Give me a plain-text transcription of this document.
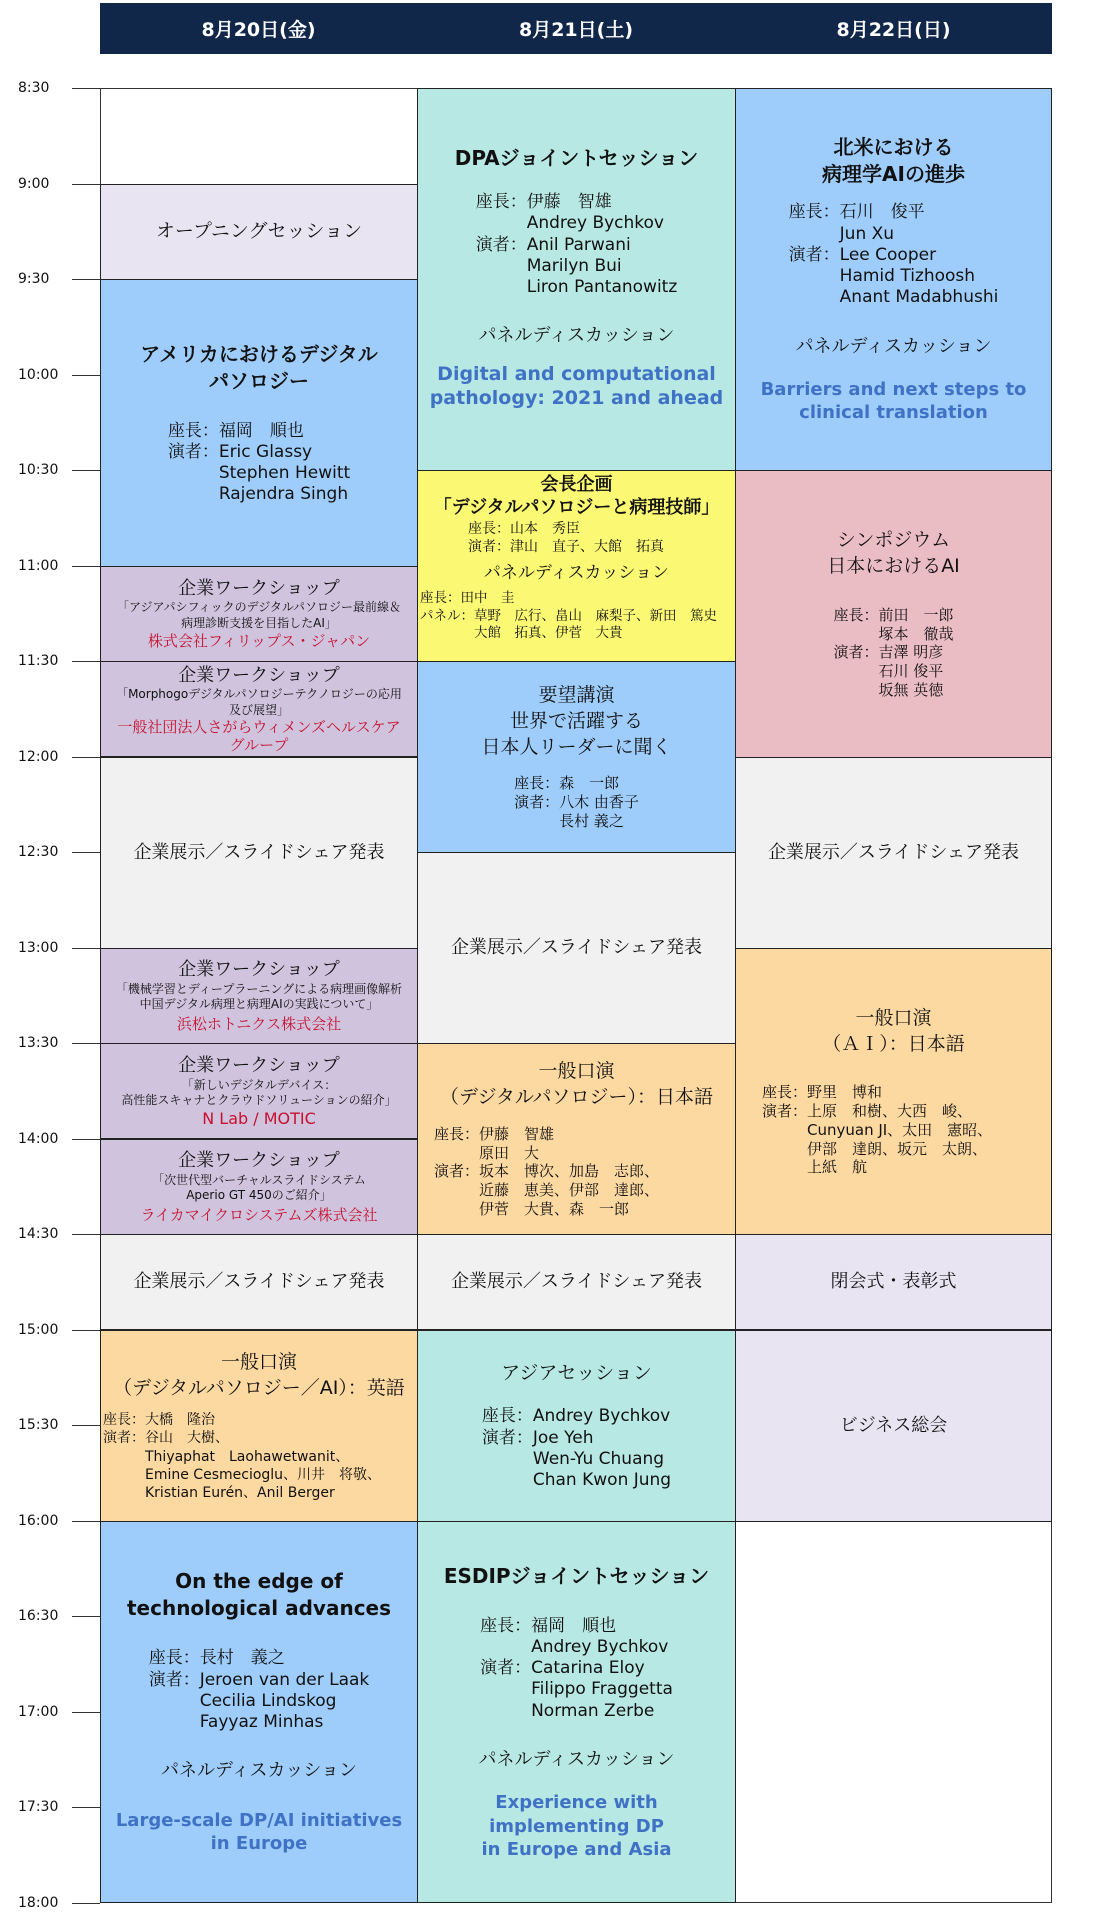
8月20日(金)	8月21日(土)	8月22日(日)
8:30
9:00
9:30
10:00
10:30
11:00
11:30
12:00
12:30
13:00
13:30
14:00
14:30
15:00
15:30
16:00
16:30
17:00
17:30
18:00
オープニングセッション
アメリカにおけるデジタル
パソロジー
座長：福岡　順也
演者：Eric Glassy
　　　Stephen Hewitt
　　　Rajendra Singh
企業ワークショップ
「アジアパシフィックのデジタルパソロジー最前線＆
病理診断支援を目指したAI」
株式会社フィリップス・ジャパン
企業ワークショップ
「Morphogoデジタルパソロジーテクノロジーの応用
及び展望」
一般社団法人さがらウィメンズヘルスケア
グループ
企業展示／スライドシェア発表
企業ワークショップ
「機械学習とディープラーニングによる病理画像解析
中国デジタル病理と病理AIの実践について」
浜松ホトニクス株式会社
企業ワークショップ
「新しいデジタルデバイス：
高性能スキャナとクラウドソリューションの紹介」
N Lab / MOTIC
企業ワークショップ
「次世代型バーチャルスライドシステム
Aperio GT 450のご紹介」
ライカマイクロシステムズ株式会社
企業展示／スライドシェア発表
一般口演
（デジタルパソロジー／AI）：英語
座長：大橋　隆治
演者：谷山　大樹、
　　　Thiyaphat　Laohawetwanit、
　　　Emine Cesmecioglu、川井　将敬、
　　　Kristian Eurén、Anil Berger
On the edge of
technological advances
座長：長村　義之
演者：Jeroen van der Laak
　　　Cecilia Lindskog
　　　Fayyaz Minhas
パネルディスカッション
Large-scale DP/AI initiatives
in Europe
DPAジョイントセッション
座長：伊藤　智雄
　　　Andrey Bychkov
演者：Anil Parwani
　　　Marilyn Bui
　　　Liron Pantanowitz
パネルディスカッション
Digital and computational
pathology: 2021 and ahead
会長企画
「デジタルパソロジーと病理技師」
座長：山本　秀臣
演者：津山　直子、大館　拓真
パネルディスカッション
座長：田中　圭
パネル：草野　広行、畠山　麻梨子、新田　篤史
　　　　大館　拓真、伊菅　大貴
要望講演
世界で活躍する
日本人リーダーに聞く
座長：森　一郎
演者：八木 由香子
　　　長村 義之
企業展示／スライドシェア発表
一般口演
（デジタルパソロジー）：日本語
座長：伊藤　智雄
　　　原田　大
演者：坂本　博次、加島　志郎、
　　　近藤　恵美、伊部　達郎、
　　　伊菅　大貴、森　一郎
企業展示／スライドシェア発表
アジアセッション
座長：Andrey Bychkov
演者：Joe Yeh
　　　Wen-Yu Chuang
　　　Chan Kwon Jung
ESDIPジョイントセッション
座長：福岡　順也
　　　Andrey Bychkov
演者：Catarina Eloy
　　　Filippo Fraggetta
　　　Norman Zerbe
パネルディスカッション
Experience with
implementing DP
in Europe and Asia
北米における
病理学AIの進歩
座長：石川　俊平
　　　Jun Xu
演者：Lee Cooper
　　　Hamid Tizhoosh
　　　Anant Madabhushi
パネルディスカッション
Barriers and next steps to
clinical translation
シンポジウム
日本におけるAI
座長：前田　一郎
　　　塚本　徹哉
演者：吉澤 明彦
　　　石川 俊平
　　　坂無 英徳
企業展示／スライドシェア発表
一般口演
（ＡＩ）：日本語
座長：野里　博和
演者：上原　和樹、大西　峻、
　　　Cunyuan JI、太田　憲昭、
　　　伊部　達朗、坂元　太朗、
　　　上紙　航
閉会式・表彰式
ビジネス総会
